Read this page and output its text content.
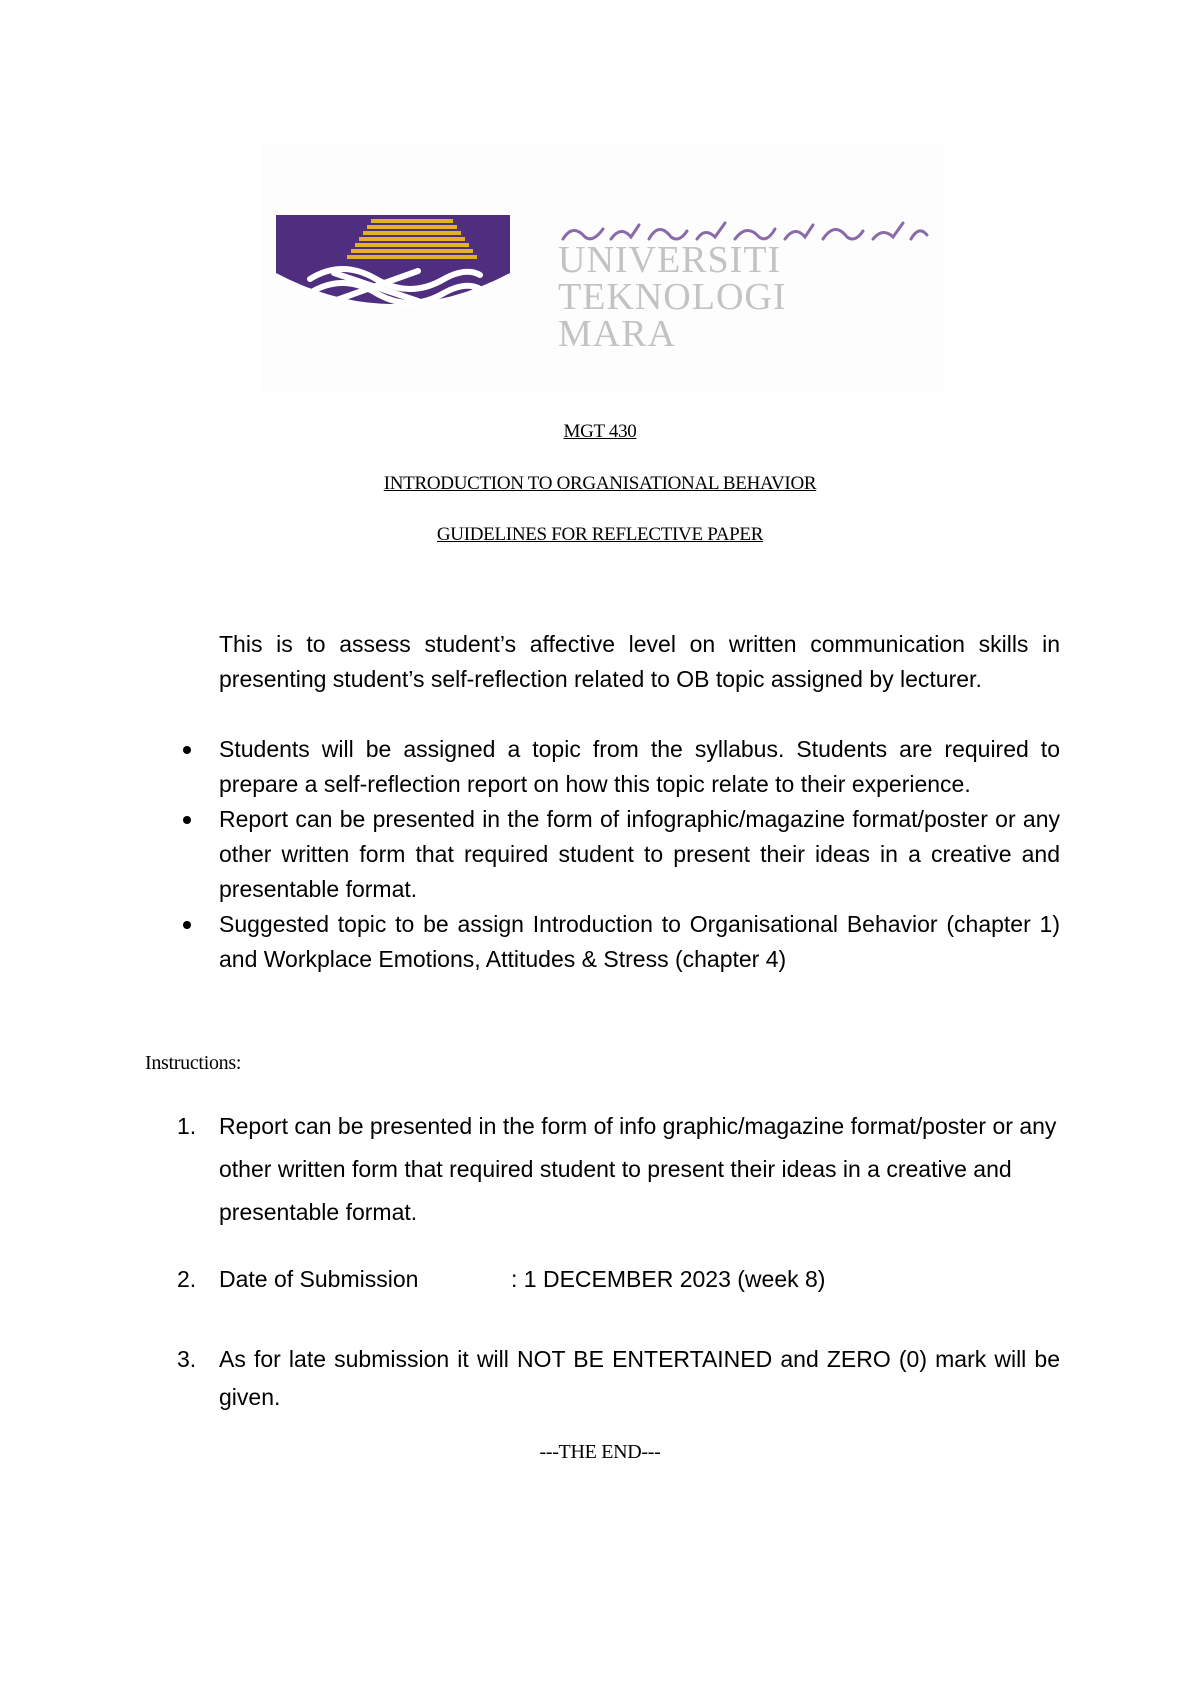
UNIVERSITI
TEKNOLOGI
MARA
MGT 430
INTRODUCTION TO ORGANISATIONAL BEHAVIOR
GUIDELINES FOR REFLECTIVE PAPER

This is to assess student’s affective level on written communication skills in presenting student’s self-reflection related to OB topic assigned by lecturer.

Students will be assigned a topic from the syllabus. Students are required to prepare a self-reflection report on how this topic relate to their experience.
Report can be presented in the form of infographic/magazine format/poster or any other written form that required student to present their ideas in a creative and presentable format.
Suggested topic to be assign Introduction to Organisational Behavior (chapter 1) and Workplace Emotions, Attitudes & Stress (chapter 4)
Instructions:
1. Report can be presented in the form of info graphic/magazine format/poster or any other written form that required student to present their ideas in a creative and presentable format.
2. Date of Submission	: 1 DECEMBER 2023 (week 8)
3. As for late submission it will NOT BE ENTERTAINED and ZERO (0) mark will be given.
---THE END---
